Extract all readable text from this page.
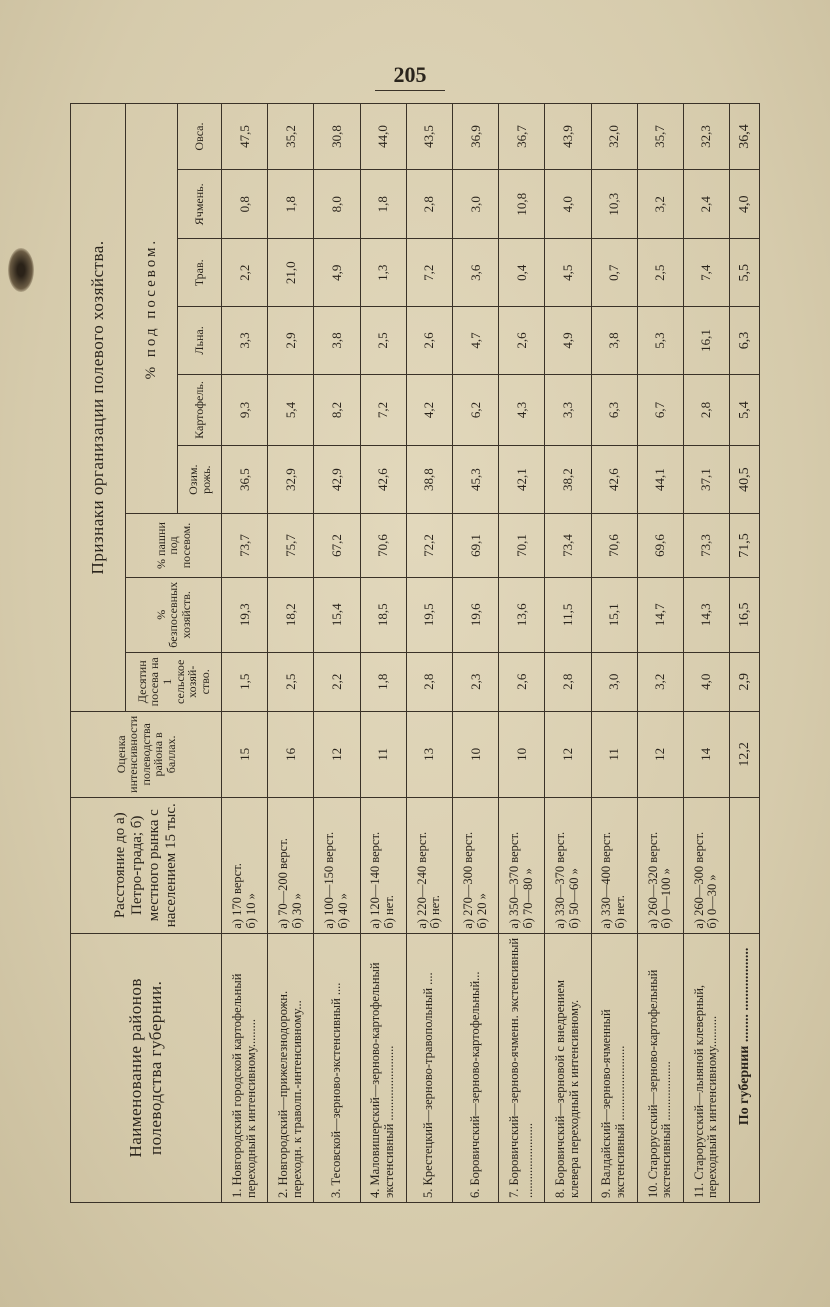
205
Наименование районов полеводства губернии.	Расстояние до а) Петро-града; б) местного рынка с населением 15 тыс.	Оценка интенсивности полеводства района в баллах.	Признаки организации полевого хозяйства.								
			Десятин посева на 1 сельское хозяй-ство.	% безпосевных хозяйств.	% пашни под посевом.	% под посевом.					
						Озим. рожь.	Картофель.	Льна.	Трав.	Ячмень.	Овса.
1. Новгородский городской картофельный переходный к интенсивному.........	а) 170 верст. б) 10 »	15	1,5	19,3	73,7	36,5	9,3	3,3	2,2	0,8	47,5
2. Новгородский—прижелезнодорожн. переходн. к траволп.-интенсивному...	а) 70—200 верст. б) 30 »	16	2,5	18,2	75,7	32,9	5,4	2,9	21,0	1,8	35,2
3. Тесовской—зерново-экстенсивный ....	а) 100—150 верст. б) 40 »	12	2,2	15,4	67,2	42,9	8,2	3,8	4,9	8,0	30,8
4. Маловишерский—зерново-картофельный экстенсивный ........................	а) 120—140 верст. б) нет.	11	1,8	18,5	70,6	42,6	7,2	2,5	1,3	1,8	44,0
5. Крестецкий—зерново-травопольный ....	а) 220—240 верст. б) нет.	13	2,8	19,5	72,2	38,8	4,2	2,6	7,2	2,8	43,5
6. Боровичский—зерново-картофельный...	а) 270—300 верст. б) 20 »	10	2,3	19,6	69,1	45,3	6,2	4,7	3,6	3,0	36,9
7. Боровичский—зерново-ячменн. экстенсивный ........................	а) 350—370 верст. б) 70—80 »	10	2,6	13,6	70,1	42,1	4,3	2,6	0,4	10,8	36,7
8. Боровичский—зерновой с внедрением клевера переходный к интенсивному.	а) 330—370 верст. б) 50—60 »	12	2,8	11,5	73,4	38,2	3,3	4,9	4,5	4,0	43,9
9. Валдайский—зерново-ячменный экстенсивный ........................	а) 330—400 верст. б) нет.	11	3,0	15,1	70,6	42,6	6,3	3,8	0,7	10,3	32,0
10. Старорусский—зерново-картофельный экстенсивный ...................	а) 260—320 верст. б) 0—100 »	12	3,2	14,7	69,6	44,1	6,7	5,3	2,5	3,2	35,7
11. Старорусский—льняной клеверный, переходный к интенсивному..........	а) 260—300 верст. б) 0—30 »	14	4,0	14,3	73,3	37,1	2,8	16,1	7,4	2,4	32,3
По губернии ........ ..................		12,2	2,9	16,5	71,5	40,5	5,4	6,3	5,5	4,0	36,4
